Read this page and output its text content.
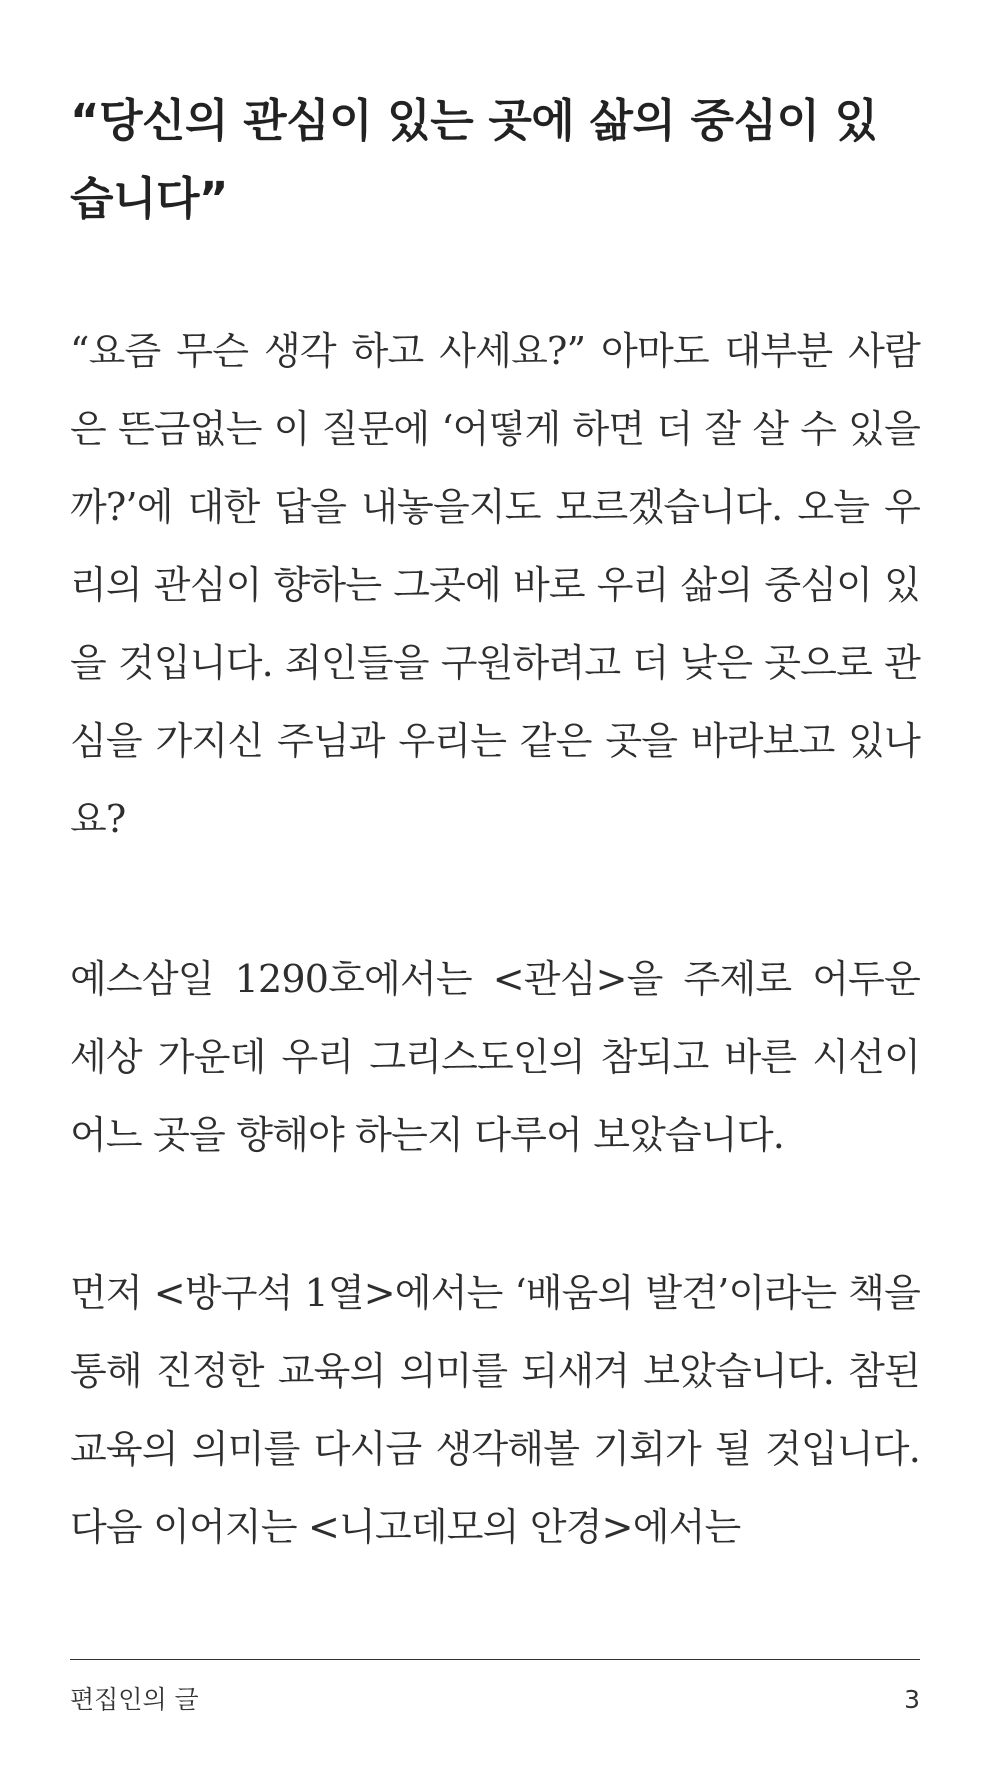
“당신의 관심이 있는 곳에 삶의 중심이 있습니다”

“요즘 무슨 생각 하고 사세요?” 아마도 대부분 사람은 뜬금없는 이 질문에 ‘어떻게 하면 더 잘 살 수 있을까?’에 대한 답을 내놓을지도 모르겠습니다. 오늘 우리의 관심이 향하는 그곳에 바로 우리 삶의 중심이 있을 것입니다. 죄인들을 구원하려고 더 낮은 곳으로 관심을 가지신 주님과 우리는 같은 곳을 바라보고 있나요?

예스삼일 1290호에서는 <관심>을 주제로 어두운 세상 가운데 우리 그리스도인의 참되고 바른 시선이 어느 곳을 향해야 하는지 다루어 보았습니다.

먼저 <방구석 1열>에서는 ‘배움의 발견’이라는 책을 통해 진정한 교육의 의미를 되새겨 보았습니다. 참된 교육의 의미를 다시금 생각해볼 기회가 될 것입니다. 다음 이어지는 <니고데모의 안경>에서는

편집인의 글	3
